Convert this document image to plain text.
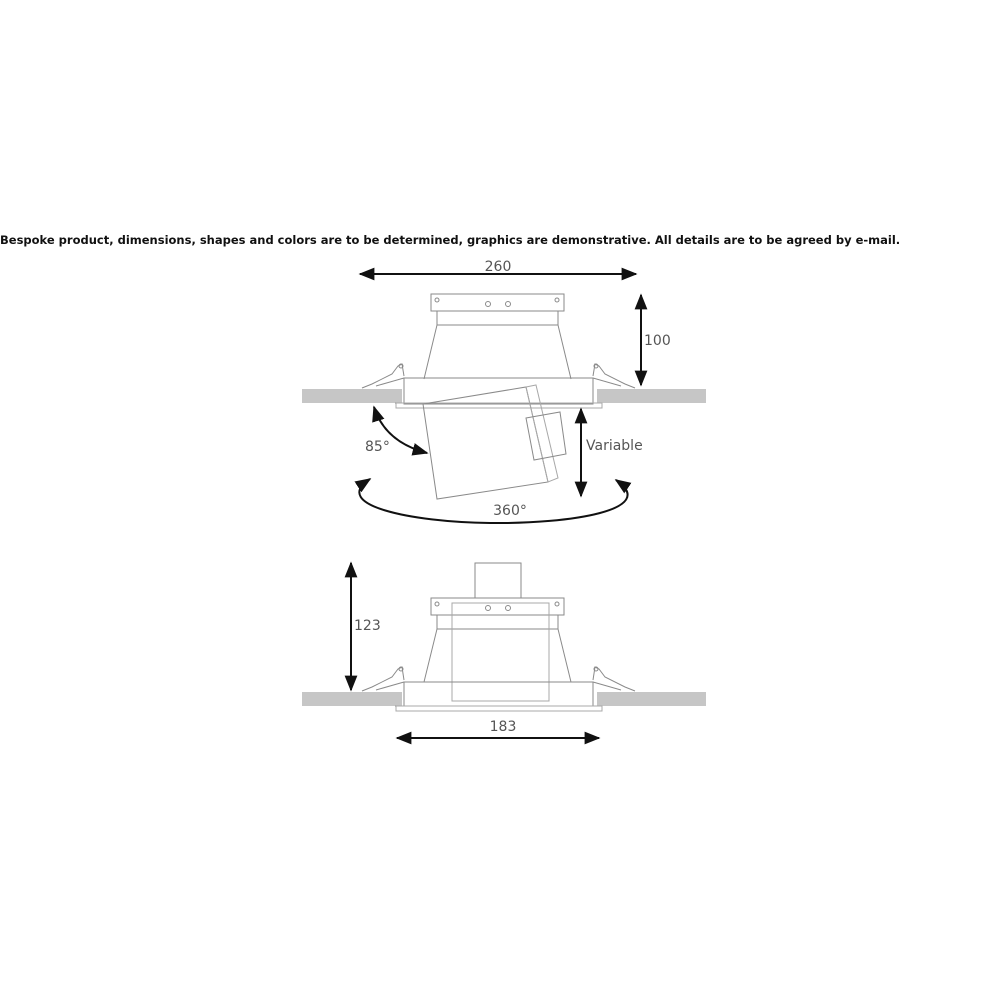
Bespoke product, dimensions, shapes and colors are to be determined, graphics are demonstrative. All details are to be agreed by e-mail.
260
100
85°	Variable
360°
123
183
